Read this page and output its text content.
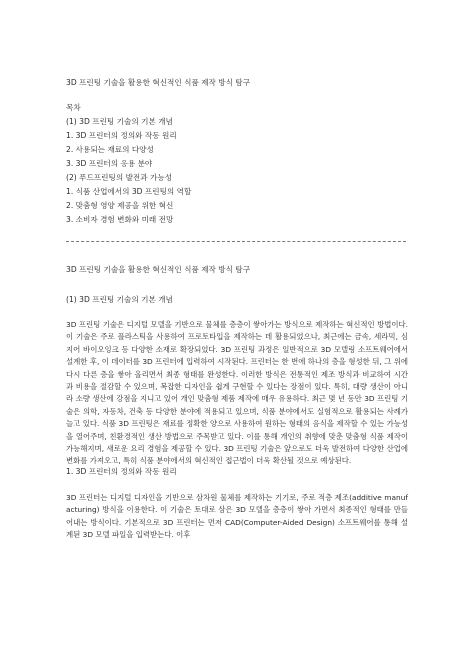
3D 프린팅 기술을 활용한 혁신적인 식품 제작 방식 탐구
목차
(1) 3D 프린팅 기술의 기본 개념
1. 3D 프린터의 정의와 작동 원리
2. 사용되는 재료의 다양성
3. 3D 프린터의 응용 분야
(2) 푸드프린팅의 발전과 가능성
1. 식품 산업에서의 3D 프린팅의 역할
2. 맞춤형 영양 제공을 위한 혁신
3. 소비자 경험 변화와 미래 전망
3D 프린팅 기술을 활용한 혁신적인 식품 제작 방식 탐구
(1) 3D 프린팅 기술의 기본 개념

3D 프린팅 기술은 디지털 모델을 기반으로 물체를 층층이 쌓아가는 방식으로 제작하는 혁신적인 방법이다. 이 기술은 주로 플라스틱을 사용하여 프로토타입을 제작하는 데 활용되었으나, 최근에는 금속, 세라믹, 심지어 바이오잉크 등 다양한 소재로 확장되었다. 3D 프린팅 과정은 일반적으로 3D 모델링 소프트웨어에서 설계한 후, 이 데이터를 3D 프린터에 입력하여 시작된다. 프린터는 한 번에 하나의 층을 형성한 뒤, 그 위에 다시 다른 층을 쌓아 올리면서 최종 형태를 완성한다. 이러한 방식은 전통적인 제조 방식과 비교하여 시간과 비용을 절감할 수 있으며, 복잡한 디자인을 쉽게 구현할 수 있다는 장점이 있다. 특히, 대량 생산이 아니라 소량 생산에 강점을 지니고 있어 개인 맞춤형 제품 제작에 매우 유용하다. 최근 몇 년 동안 3D 프린팅 기술은 의학, 자동차, 건축 등 다양한 분야에 적용되고 있으며, 식품 분야에서도 실험적으로 활용되는 사례가 늘고 있다. 식품 3D 프린팅은 재료를 정확한 양으로 사용하여 원하는 형태의 음식을 제작할 수 있는 가능성을 열어주며, 친환경적인 생산 방법으로 주목받고 있다. 이를 통해 개인의 취향에 맞춘 맞춤형 식품 제작이 가능해지며, 새로운 요리 경험을 제공할 수 있다. 3D 프린팅 기술은 앞으로도 더욱 발전하여 다양한 산업에 변화를 가져오고, 특히 식품 분야에서의 혁신적인 접근법이 더욱 확산될 것으로 예상된다.

1. 3D 프린터의 정의와 작동 원리

3D 프린터는 디지털 디자인을 기반으로 삼차원 물체를 제작하는 기기로, 주로 적층 제조(additive manufacturing) 방식을 이용한다. 이 기술은 토대로 삼은 3D 모델을 층층이 쌓아 가면서 최종적인 형태를 만들어내는 방식이다. 기본적으로 3D 프린터는 먼저 CAD(Computer-Aided Design) 소프트웨어를 통해 설계된 3D 모델 파일을 입력받는다. 이후
